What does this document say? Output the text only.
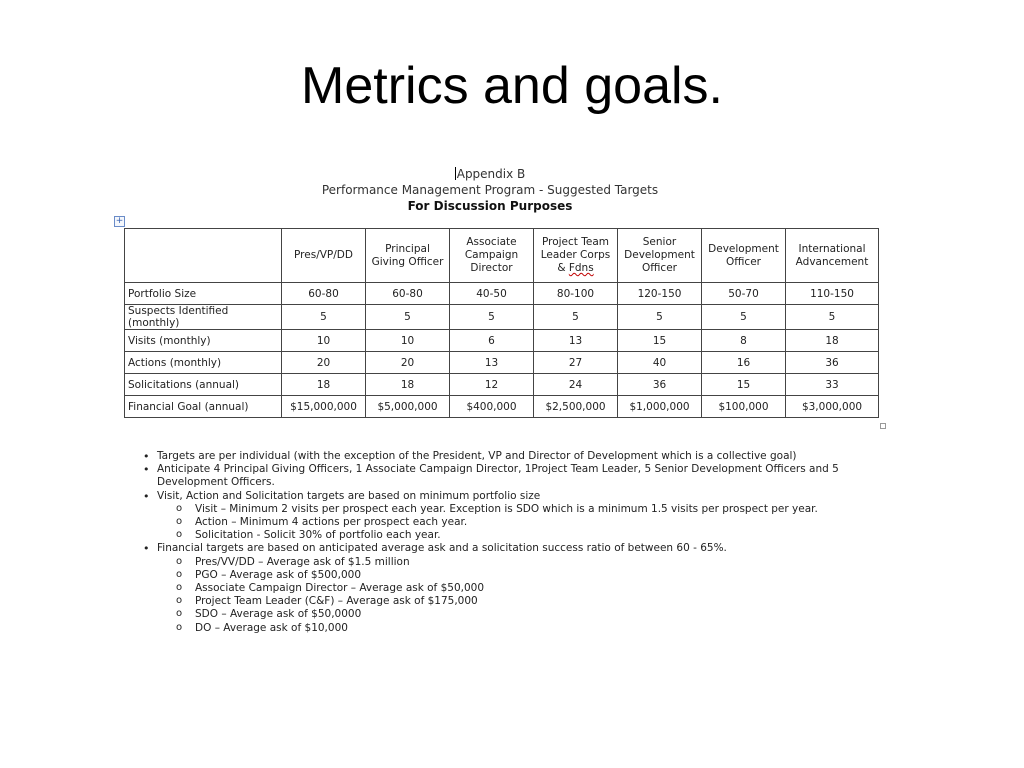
Metrics and goals.
Appendix B
Performance Management Program - Suggested Targets
For Discussion Purposes
+
	Pres/VP/DD	Principal Giving Officer	Associate Campaign Director	Project Team Leader Corps & Fdns	Senior Development Officer	Development Officer	International Advancement
Portfolio Size	60-80	60-80	40-50	80-100	120-150	50-70	110-150
Suspects Identified (monthly)	5	5	5	5	5	5	5
Visits (monthly)	10	10	6	13	15	8	18
Actions (monthly)	20	20	13	27	40	16	36
Solicitations (annual)	18	18	12	24	36	15	33
Financial Goal (annual)	$15,000,000	$5,000,000	$400,000	$2,500,000	$1,000,000	$100,000	$3,000,000
• Targets are per individual (with the exception of the President, VP and Director of Development which is a collective goal)
• Anticipate 4 Principal Giving Officers, 1 Associate Campaign Director, 1Project Team Leader, 5 Senior Development Officers and 5 Development Officers.
• Visit, Action and Solicitation targets are based on minimum portfolio size
o Visit – Minimum 2 visits per prospect each year. Exception is SDO which is a minimum 1.5 visits per prospect per year.
o Action – Minimum 4 actions per prospect each year.
o Solicitation - Solicit 30% of portfolio each year.
• Financial targets are based on anticipated average ask and a solicitation success ratio of between 60 - 65%.
o Pres/VV/DD – Average ask of $1.5 million
o PGO – Average ask of $500,000
o Associate Campaign Director – Average ask of $50,000
o Project Team Leader (C&F) – Average ask of $175,000
o SDO – Average ask of $50,0000
o DO – Average ask of $10,000
